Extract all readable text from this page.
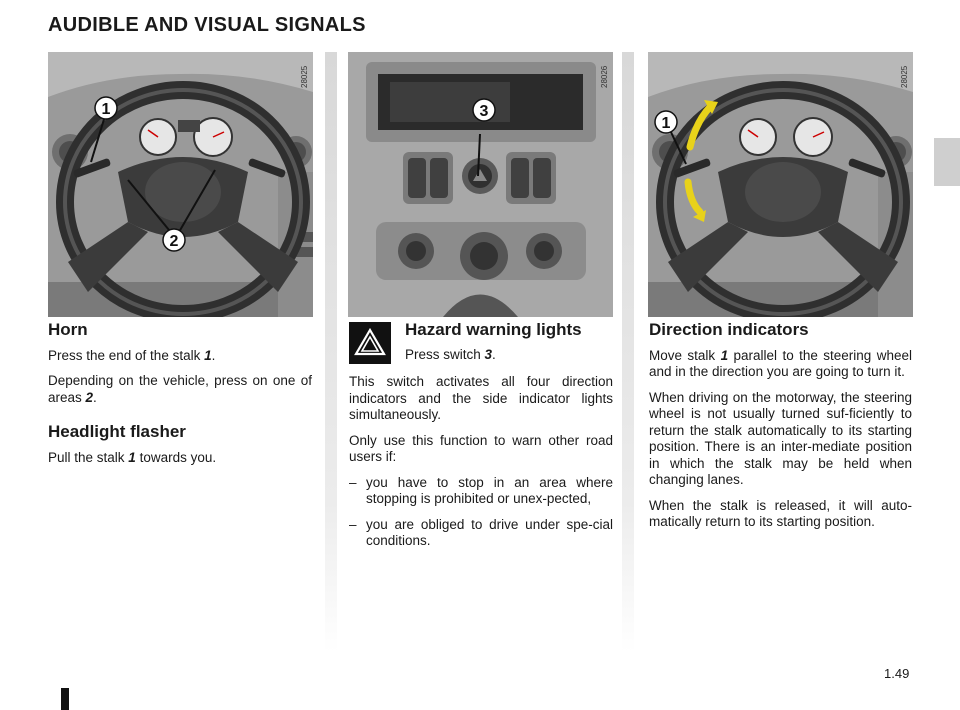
AUDIBLE AND VISUAL SIGNALS
1
2
28025
3
28026
1
28025
Horn

Press the end of the stalk 1.

Depending on the vehicle, press on one of areas 2.

Headlight flasher

Pull the stalk 1 towards you.

Hazard warning lights

Press switch 3.

This switch activates all four direction indicators and the side indicator lights simultaneously.

Only use this function to warn other road users if:

– you have to stop in an area where stopping is prohibited or unex-pected,
– you are obliged to drive under spe-cial conditions.
Direction indicators

Move stalk 1 parallel to the steering wheel and in the direction you are going to turn it.

When driving on the motorway, the steering wheel is not usually turned suf-ficiently to return the stalk automatically to its starting position. There is an inter-mediate position in which the stalk may be held when changing lanes.

When the stalk is released, it will auto-matically return to its starting position.

1.49
